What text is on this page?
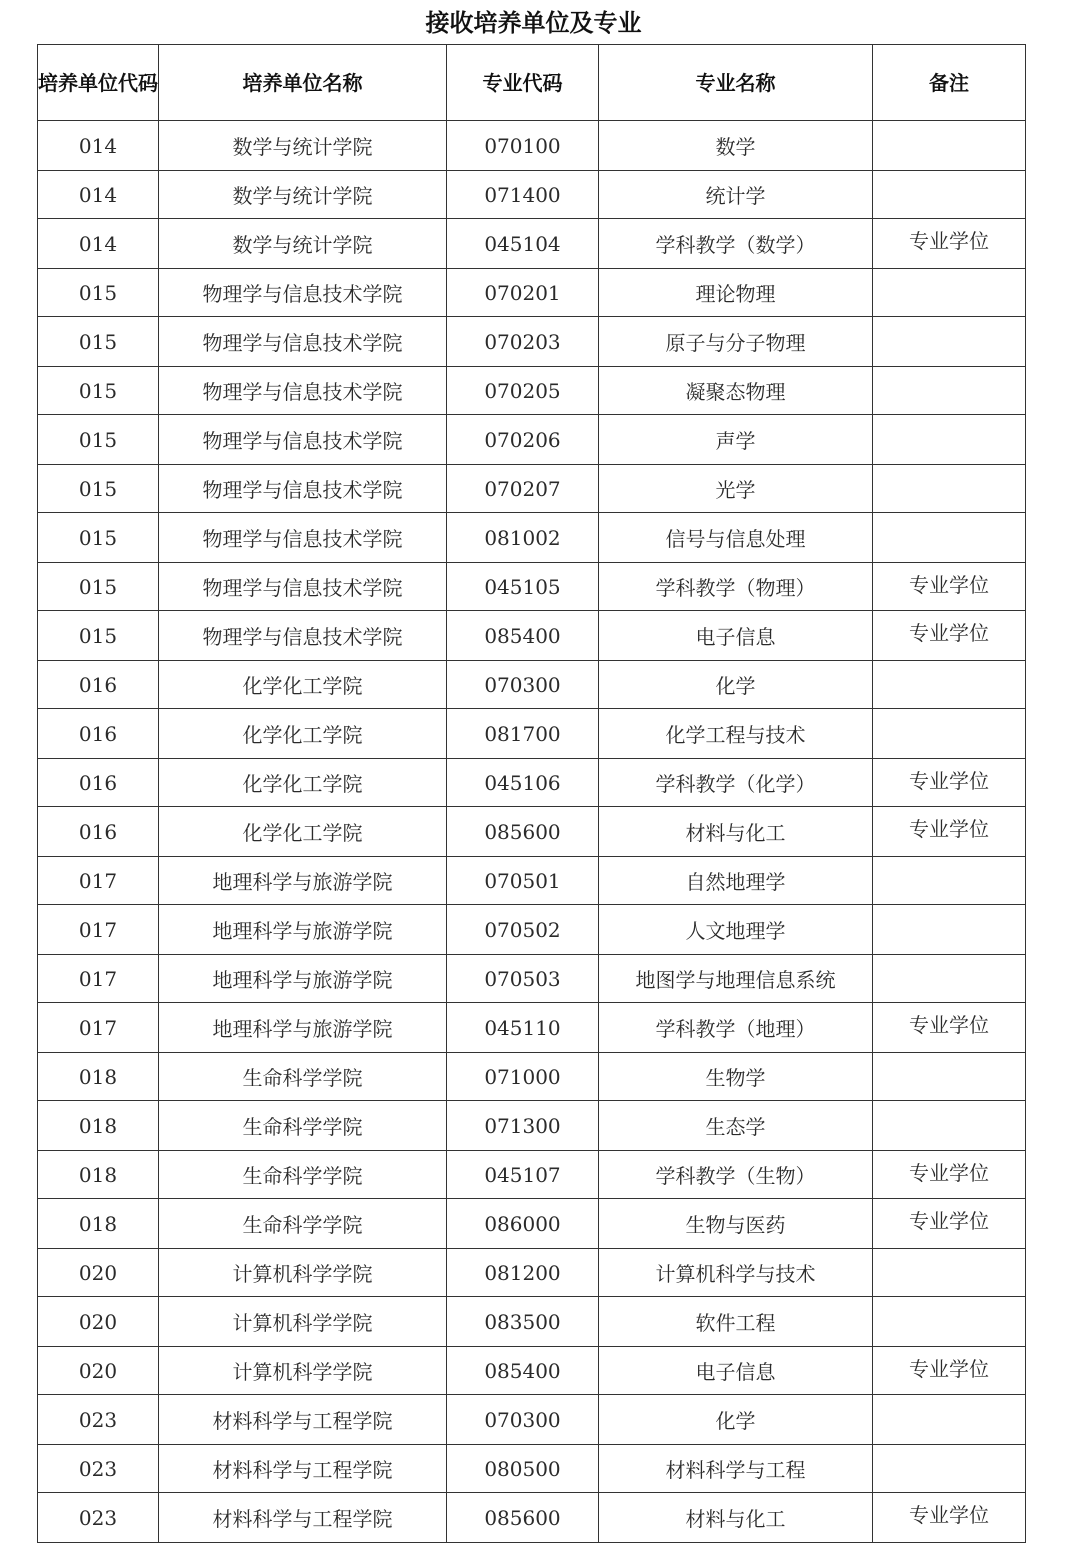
接收培养单位及专业
培养单位代码	培养单位名称	专业代码	专业名称	备注
014	数学与统计学院	070100	数学	
014	数学与统计学院	071400	统计学	
014	数学与统计学院	045104	学科教学（数学）	专业学位
015	物理学与信息技术学院	070201	理论物理	
015	物理学与信息技术学院	070203	原子与分子物理	
015	物理学与信息技术学院	070205	凝聚态物理	
015	物理学与信息技术学院	070206	声学	
015	物理学与信息技术学院	070207	光学	
015	物理学与信息技术学院	081002	信号与信息处理	
015	物理学与信息技术学院	045105	学科教学（物理）	专业学位
015	物理学与信息技术学院	085400	电子信息	专业学位
016	化学化工学院	070300	化学	
016	化学化工学院	081700	化学工程与技术	
016	化学化工学院	045106	学科教学（化学）	专业学位
016	化学化工学院	085600	材料与化工	专业学位
017	地理科学与旅游学院	070501	自然地理学	
017	地理科学与旅游学院	070502	人文地理学	
017	地理科学与旅游学院	070503	地图学与地理信息系统	
017	地理科学与旅游学院	045110	学科教学（地理）	专业学位
018	生命科学学院	071000	生物学	
018	生命科学学院	071300	生态学	
018	生命科学学院	045107	学科教学（生物）	专业学位
018	生命科学学院	086000	生物与医药	专业学位
020	计算机科学学院	081200	计算机科学与技术	
020	计算机科学学院	083500	软件工程	
020	计算机科学学院	085400	电子信息	专业学位
023	材料科学与工程学院	070300	化学	
023	材料科学与工程学院	080500	材料科学与工程	
023	材料科学与工程学院	085600	材料与化工	专业学位
